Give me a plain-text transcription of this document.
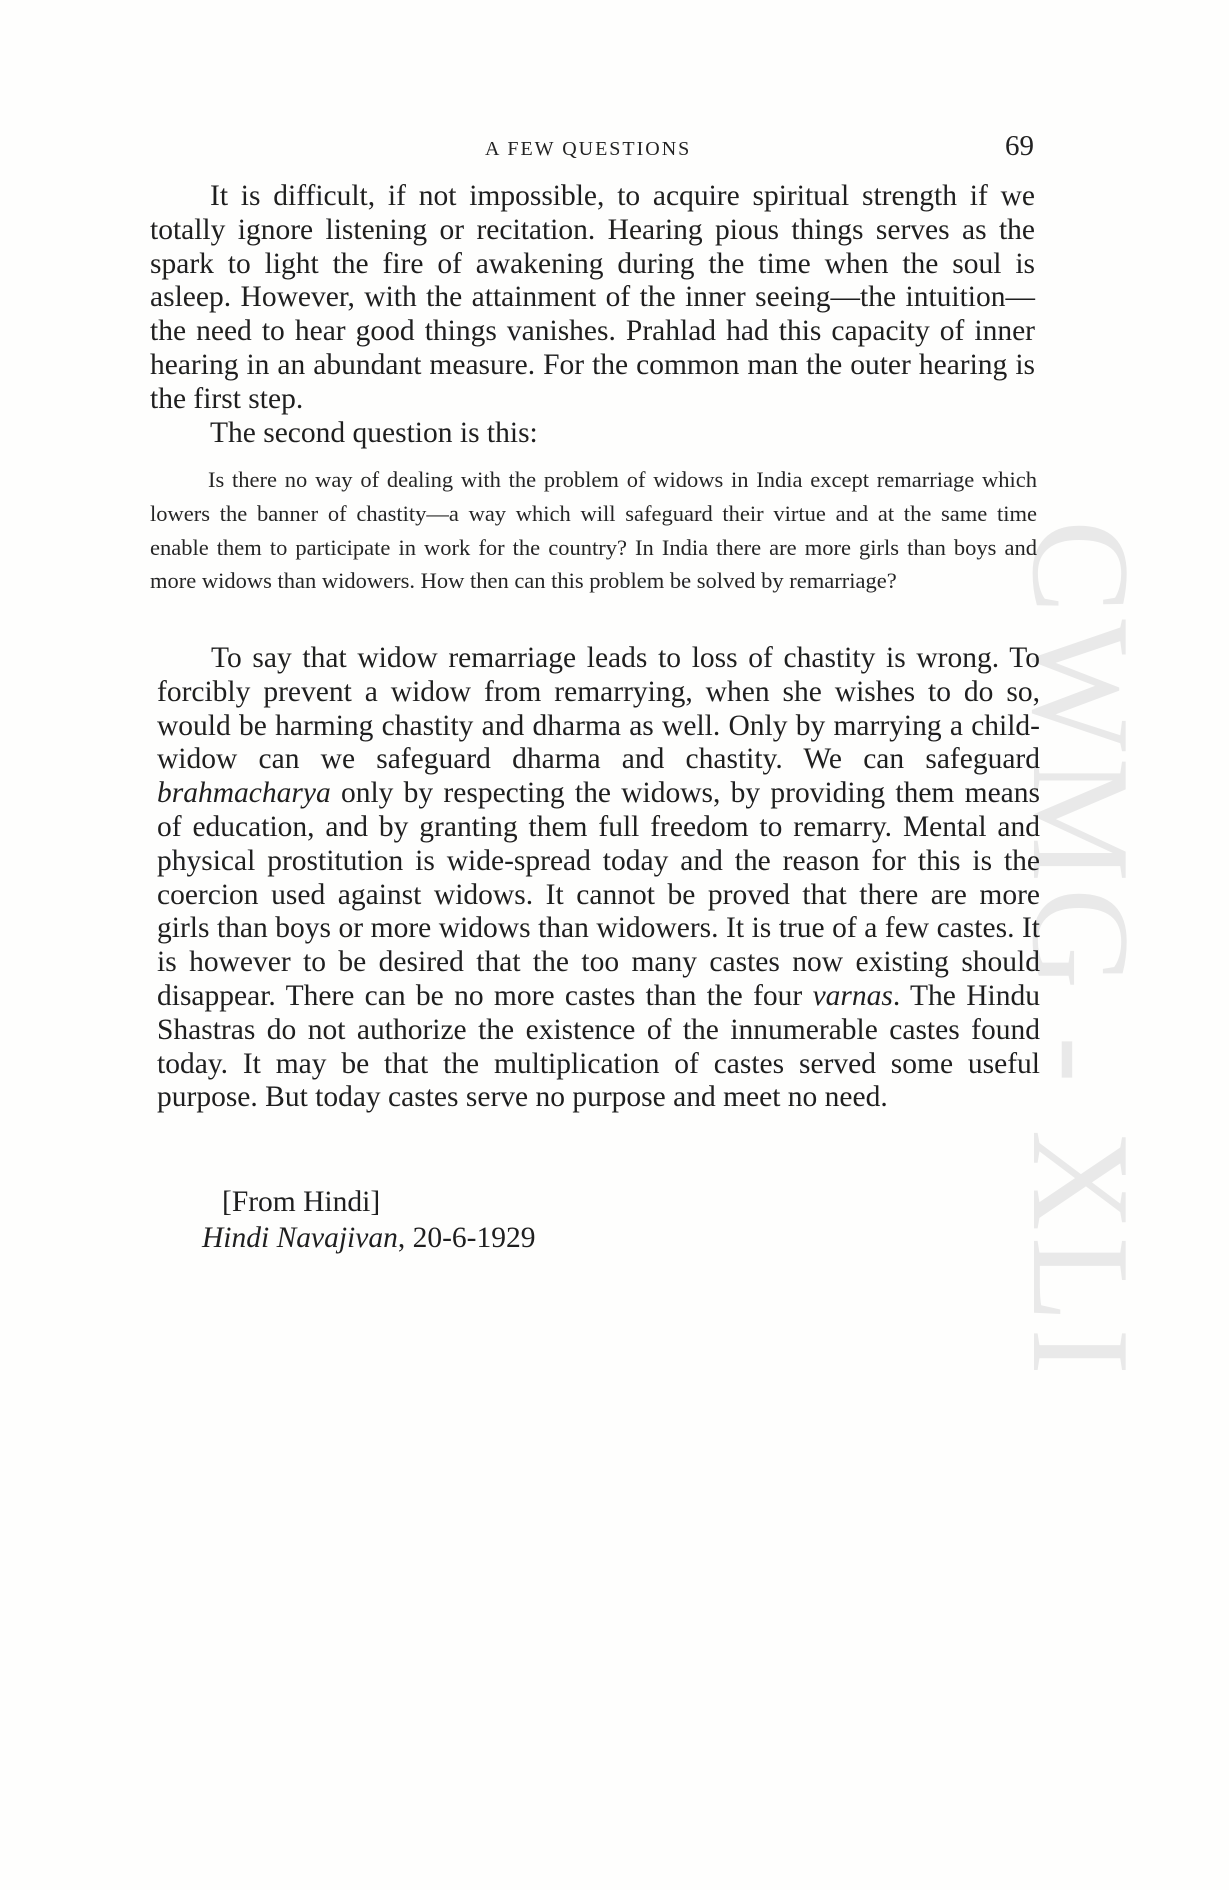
CWMG - XLI
A FEW QUESTIONS	69

It is difficult, if not impossible, to acquire spiritual strength if we totally ignore listening or recitation. Hearing pious things serves as the spark to light the fire of awakening during the time when the soul is asleep. However, with the attainment of the inner seeing—the intuition—the need to hear good things vanishes. Prahlad had this capacity of inner hearing in an abundant measure. For the common man the outer hearing is the first step.

The second question is this:

Is there no way of dealing with the problem of widows in India except remarriage which lowers the banner of chastity—a way which will safeguard their virtue and at the same time enable them to participate in work for the country? In India there are more girls than boys and more widows than widowers. How then can this problem be solved by remarriage?

To say that widow remarriage leads to loss of chastity is wrong. To forcibly prevent a widow from remarrying, when she wishes to do so, would be harming chastity and dharma as well. Only by marrying a child-widow can we safeguard dharma and chastity. We can safeguard brahmacharya only by respecting the widows, by providing them means of education, and by granting them full freedom to remarry. Mental and physical prostitution is wide-spread today and the reason for this is the coercion used against widows. It cannot be proved that there are more girls than boys or more widows than widowers. It is true of a few castes. It is however to be desired that the too many castes now existing should disappear. There can be no more castes than the four varnas. The Hindu Shastras do not authorize the existence of the innumerable castes found today. It may be that the multiplication of castes served some useful purpose. But today castes serve no purpose and meet no need.

[From Hindi]
Hindi Navajivan, 20-6-1929
